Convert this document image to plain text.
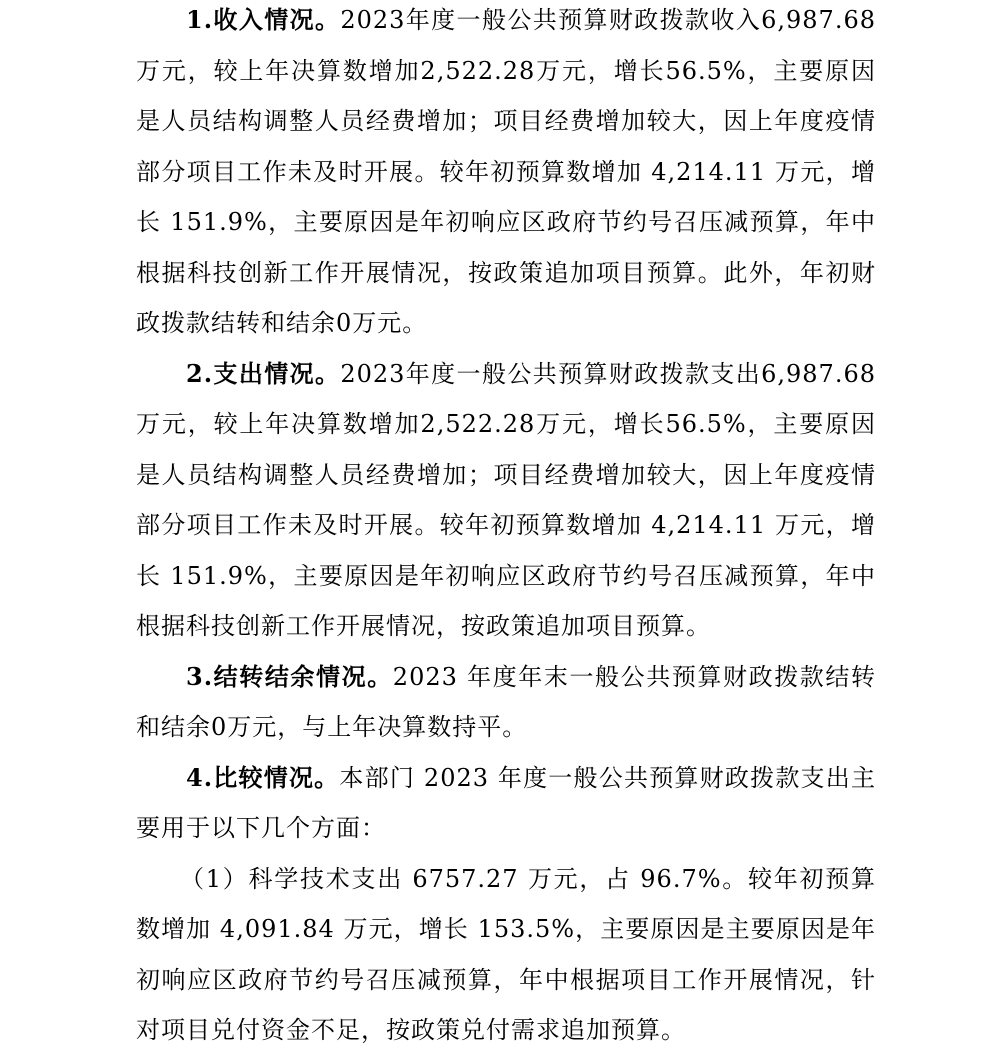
1.收入情况。2023年度一般公共预算财政拨款收入6,987.68万元，较上年决算数增加2,522.28万元，增长56.5%，主要原因是人员结构调整人员经费增加；项目经费增加较大，因上年度疫情部分项目工作未及时开展。较年初预算数增加 4,214.11 万元，增长 151.9%，主要原因是年初响应区政府节约号召压减预算，年中根据科技创新工作开展情况，按政策追加项目预算。此外，年初财政拨款结转和结余0万元。

2.支出情况。2023年度一般公共预算财政拨款支出6,987.68万元，较上年决算数增加2,522.28万元，增长56.5%，主要原因是人员结构调整人员经费增加；项目经费增加较大，因上年度疫情部分项目工作未及时开展。较年初预算数增加 4,214.11 万元，增长 151.9%，主要原因是年初响应区政府节约号召压减预算，年中根据科技创新工作开展情况，按政策追加项目预算。

3.结转结余情况。2023 年度年末一般公共预算财政拨款结转和结余0万元，与上年决算数持平。

4.比较情况。本部门 2023 年度一般公共预算财政拨款支出主要用于以下几个方面：

（1）科学技术支出 6757.27 万元，占 96.7%。较年初预算数增加 4,091.84 万元，增长 153.5%，主要原因是主要原因是年初响应区政府节约号召压减预算，年中根据项目工作开展情况，针对项目兑付资金不足，按政策兑付需求追加预算。
